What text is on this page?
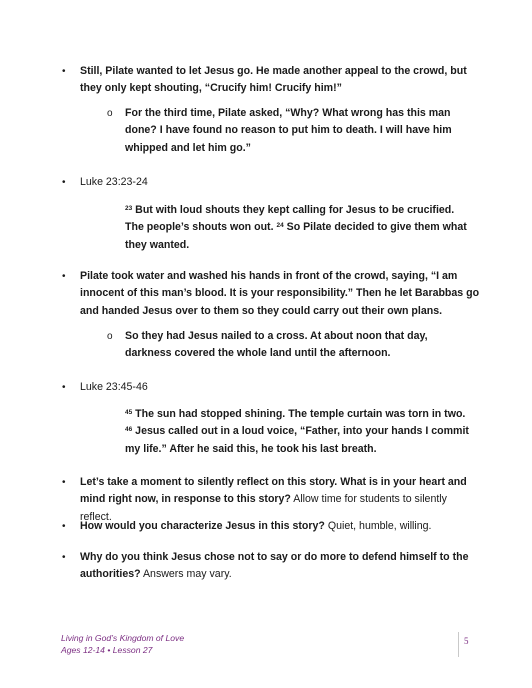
• Still, Pilate wanted to let Jesus go. He made another appeal to the crowd, but they only kept shouting, “Crucify him! Crucify him!”

o For the third time, Pilate asked, “Why? What wrong has this man done? I have found no reason to put him to death. I will have him whipped and let him go.”

• Luke 23:23-24

$^{23}$ But with loud shouts they kept calling for Jesus to be crucified. The people’s shouts won out. $^{24}$ So Pilate decided to give them what they wanted.

• Pilate took water and washed his hands in front of the crowd, saying, “I am innocent of this man’s blood. It is your responsibility.” Then he let Barabbas go and handed Jesus over to them so they could carry out their own plans.

o So they had Jesus nailed to a cross. At about noon that day, darkness covered the whole land until the afternoon.

• Luke 23:45-46

$^{45}$ The sun had stopped shining. The temple curtain was torn in two. $^{46}$ Jesus called out in a loud voice, “Father, into your hands I commit my life.” After he said this, he took his last breath.

• Let’s take a moment to silently reflect on this story. What is in your heart and mind right now, in response to this story? Allow time for students to silently reflect.

• How would you characterize Jesus in this story? Quiet, humble, willing.

• Why do you think Jesus chose not to say or do more to defend himself to the authorities? Answers may vary.

Living in God’s Kingdom of Love
Ages 12-14 • Lesson 27
5
